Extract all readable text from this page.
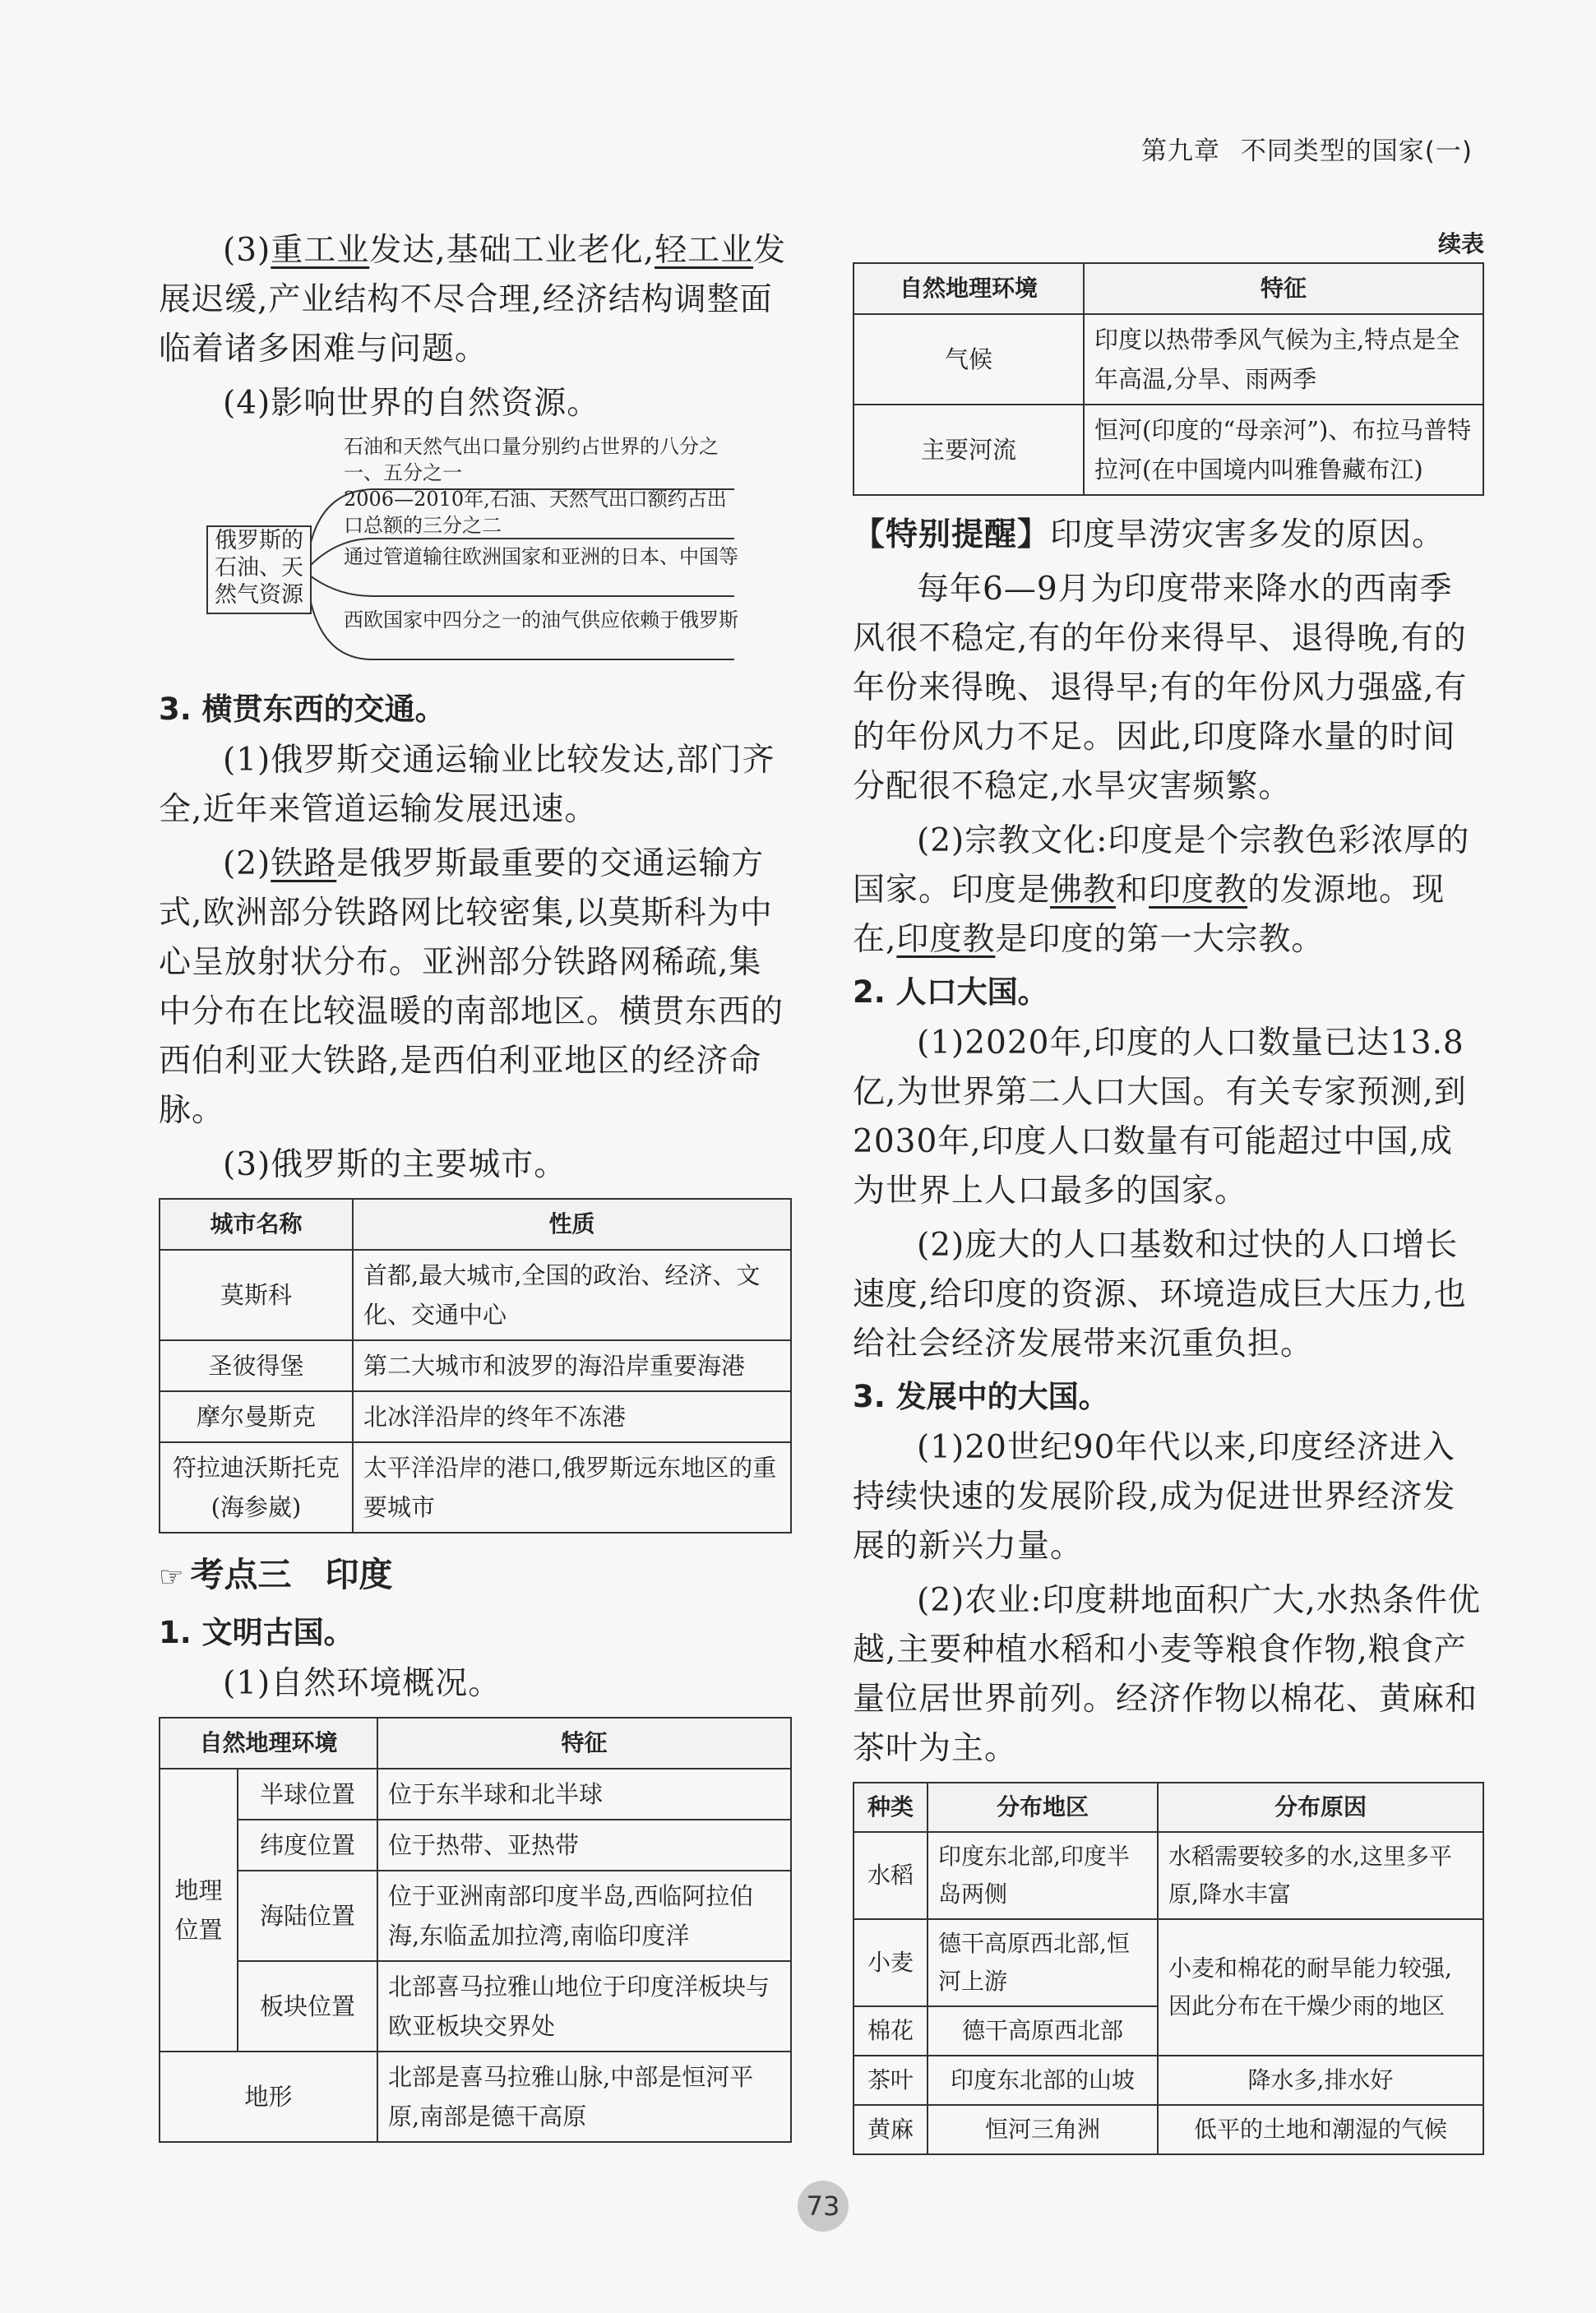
第九章 不同类型的国家(一)

(3)重工业发达,基础工业老化,轻工业发展迟缓,产业结构不尽合理,经济结构调整面临着诸多困难与问题。

(4)影响世界的自然资源。

俄罗斯的石油、天然气资源
石油和天然气出口量分别约占世界的八分之一、五分之一
2006—2010年,石油、天然气出口额约占出口总额的三分之二
通过管道输往欧洲国家和亚洲的日本、中国等
西欧国家中四分之一的油气供应依赖于俄罗斯
3. 横贯东西的交通。

(1)俄罗斯交通运输业比较发达,部门齐全,近年来管道运输发展迅速。

(2)铁路是俄罗斯最重要的交通运输方式,欧洲部分铁路网比较密集,以莫斯科为中心呈放射状分布。亚洲部分铁路网稀疏,集中分布在比较温暖的南部地区。横贯东西的西伯利亚大铁路,是西伯利亚地区的经济命脉。

(3)俄罗斯的主要城市。

城市名称	性质
莫斯科	首都,最大城市,全国的政治、经济、文化、交通中心
圣彼得堡	第二大城市和波罗的海沿岸重要海港
摩尔曼斯克	北冰洋沿岸的终年不冻港
符拉迪沃斯托克(海参崴)	太平洋沿岸的港口,俄罗斯远东地区的重要城市
☞ 考点三　印度
1. 文明古国。

(1)自然环境概况。

自然地理环境		特征
地理位置	半球位置	位于东半球和北半球
	纬度位置	位于热带、亚热带
	海陆位置	位于亚洲南部印度半岛,西临阿拉伯海,东临孟加拉湾,南临印度洋
	板块位置	北部喜马拉雅山地位于印度洋板块与欧亚板块交界处
地形		北部是喜马拉雅山脉,中部是恒河平原,南部是德干高原
续表
自然地理环境	特征
气候	印度以热带季风气候为主,特点是全年高温,分旱、雨两季
主要河流	恒河(印度的“母亲河”)、布拉马普特拉河(在中国境内叫雅鲁藏布江)

【特别提醒】印度旱涝灾害多发的原因。

每年6—9月为印度带来降水的西南季风很不稳定,有的年份来得早、退得晚,有的年份来得晚、退得早;有的年份风力强盛,有的年份风力不足。因此,印度降水量的时间分配很不稳定,水旱灾害频繁。

(2)宗教文化:印度是个宗教色彩浓厚的国家。印度是佛教和印度教的发源地。现在,印度教是印度的第一大宗教。

2. 人口大国。

(1)2020年,印度的人口数量已达13.8亿,为世界第二人口大国。有关专家预测,到2030年,印度人口数量有可能超过中国,成为世界上人口最多的国家。

(2)庞大的人口基数和过快的人口增长速度,给印度的资源、环境造成巨大压力,也给社会经济发展带来沉重负担。

3. 发展中的大国。

(1)20世纪90年代以来,印度经济进入持续快速的发展阶段,成为促进世界经济发展的新兴力量。

(2)农业:印度耕地面积广大,水热条件优越,主要种植水稻和小麦等粮食作物,粮食产量位居世界前列。经济作物以棉花、黄麻和茶叶为主。

种类	分布地区	分布原因
水稻	印度东北部,印度半岛两侧	水稻需要较多的水,这里多平原,降水丰富
小麦	德干高原西北部,恒河上游	小麦和棉花的耐旱能力较强,因此分布在干燥少雨的地区
棉花	德干高原西北部	
茶叶	印度东北部的山坡	降水多,排水好
黄麻	恒河三角洲	低平的土地和潮湿的气候
73
